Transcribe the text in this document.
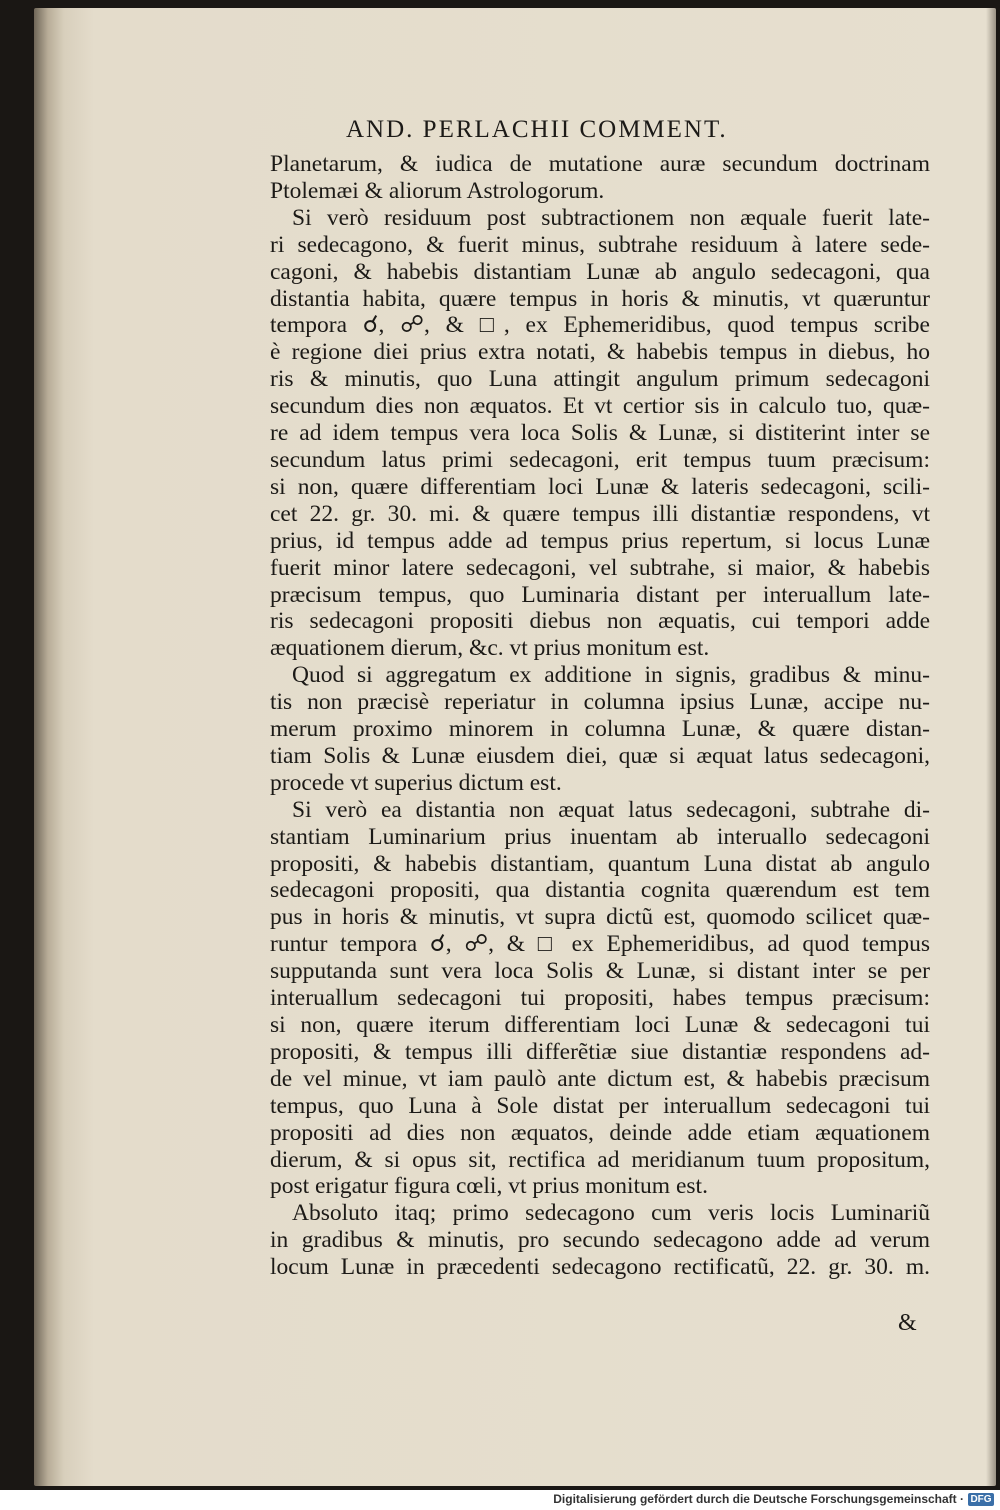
AND. PERLACHII COMMENT.
Planetarum, & iudica de mutatione auræ secundum doctrinam
Ptolemæi & aliorum Astrologorum.
Si verò residuum post subtractionem non æquale fuerit late-
ri sedecagono, & fuerit minus, subtrahe residuum à latere sede-
cagoni, & habebis distantiam Lunæ ab angulo sedecagoni, qua
distantia habita, quære tempus in horis & minutis, vt quæruntur
tempora ☌, ☍, & □, ex Ephemeridibus, quod tempus scribe
è regione diei prius extra notati, & habebis tempus in diebus, ho
ris & minutis, quo Luna attingit angulum primum sedecagoni
secundum dies non æquatos. Et vt certior sis in calculo tuo, quæ-
re ad idem tempus vera loca Solis & Lunæ, si distiterint inter se
secundum latus primi sedecagoni, erit tempus tuum præcisum:
si non, quære differentiam loci Lunæ & lateris sedecagoni, scili-
cet 22. gr. 30. mi. & quære tempus illi distantiæ respondens, vt
prius, id tempus adde ad tempus prius repertum, si locus Lunæ
fuerit minor latere sedecagoni, vel subtrahe, si maior, & habebis
præcisum tempus, quo Luminaria distant per interuallum late-
ris sedecagoni propositi diebus non æquatis, cui tempori adde
æquationem dierum, &c. vt prius monitum est.
Quod si aggregatum ex additione in signis, gradibus & minu-
tis non præcisè reperiatur in columna ipsius Lunæ, accipe nu-
merum proximo minorem in columna Lunæ, & quære distan-
tiam Solis & Lunæ eiusdem diei, quæ si æquat latus sedecagoni,
procede vt superius dictum est.
Si verò ea distantia non æquat latus sedecagoni, subtrahe di-
stantiam Luminarium prius inuentam ab interuallo sedecagoni
propositi, & habebis distantiam, quantum Luna distat ab angulo
sedecagoni propositi, qua distantia cognita quærendum est tem
pus in horis & minutis, vt supra dictũ est, quomodo scilicet quæ-
runtur tempora ☌, ☍, & □ ex Ephemeridibus, ad quod tempus
supputanda sunt vera loca Solis & Lunæ, si distant inter se per
interuallum sedecagoni tui propositi, habes tempus præcisum:
si non, quære iterum differentiam loci Lunæ & sedecagoni tui
propositi, & tempus illi differẽtiæ siue distantiæ respondens ad-
de vel minue, vt iam paulò ante dictum est, & habebis præcisum
tempus, quo Luna à Sole distat per interuallum sedecagoni tui
propositi ad dies non æquatos, deinde adde etiam æquationem
dierum, & si opus sit, rectifica ad meridianum tuum propositum,
post erigatur figura cœli, vt prius monitum est.
Absoluto itaq; primo sedecagono cum veris locis Luminariũ
in gradibus & minutis, pro secundo sedecagono adde ad verum
locum Lunæ in præcedenti sedecagono rectificatũ, 22. gr. 30. m.
&
Digitalisierung gefördert durch die Deutsche Forschungsgemeinschaft · DFG
